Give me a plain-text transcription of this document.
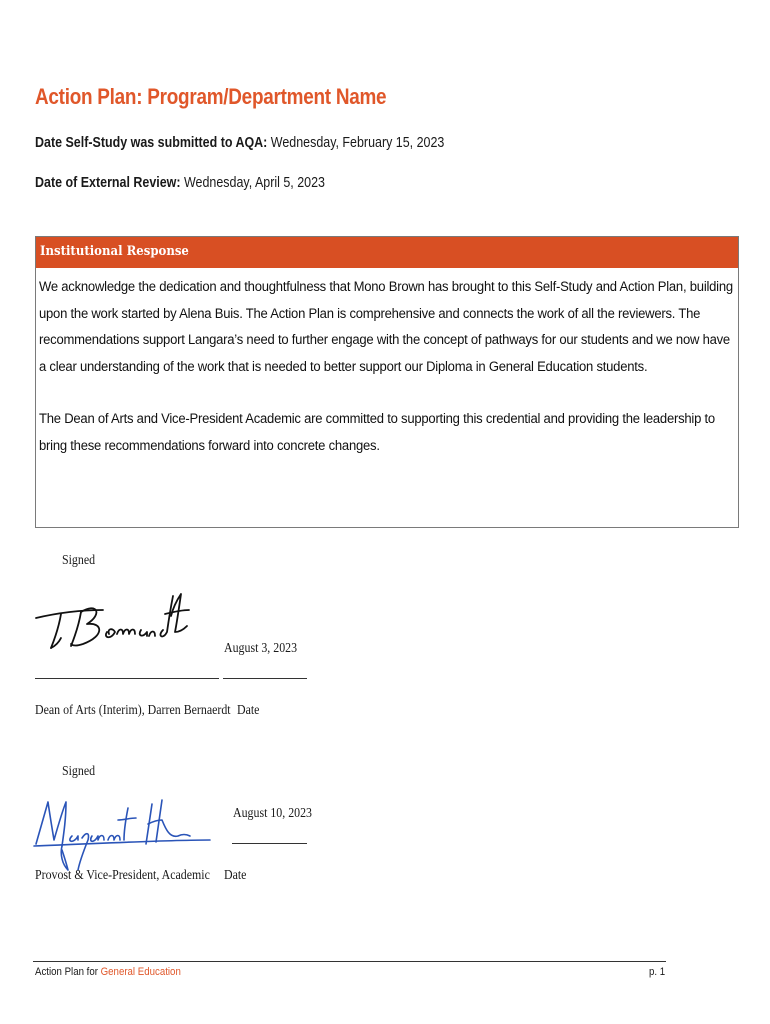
Action Plan: Program/Department Name
Date Self-Study was submitted to AQA: Wednesday, February 15, 2023
Date of External Review: Wednesday, April 5, 2023
Institutional Response

We acknowledge the dedication and thoughtfulness that Mono Brown has brought to this Self-Study and Action Plan, building upon the work started by Alena Buis. The Action Plan is comprehensive and connects the work of all the reviewers. The recommendations support Langara’s need to further engage with the concept of pathways for our students and we now have a clear understanding of the work that is needed to better support our Diploma in General Education students.

The Dean of Arts and Vice-President Academic are committed to supporting this credential and providing the leadership to bring these recommendations forward into concrete changes.

Signed
August 3, 2023
Dean of Arts (Interim), Darren Bernaerdt Date
Signed
August 10, 2023
Provost & Vice-President, Academic Date
Action Plan for General Education	p. 1
